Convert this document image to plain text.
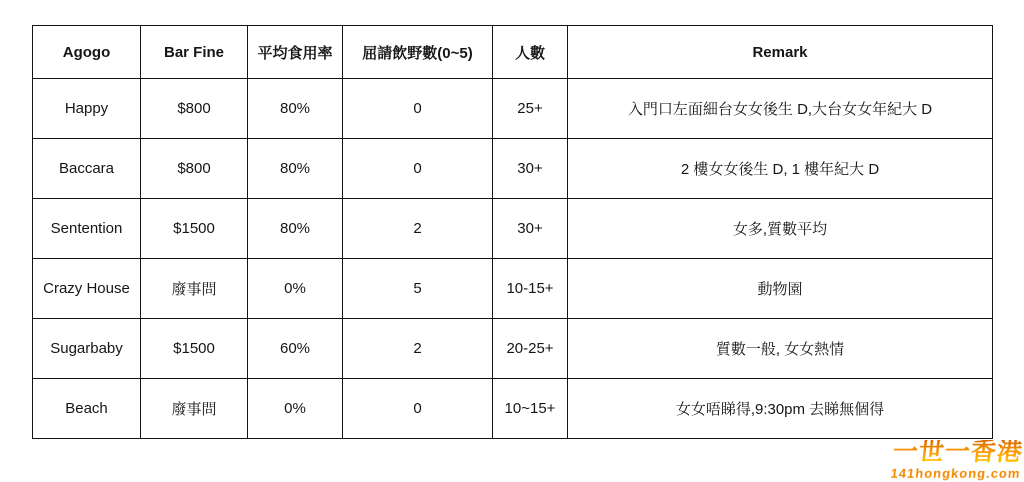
Agogo	Bar Fine	平均食用率	屈請飲野數(0~5)	人數	Remark
Happy	$800	80%	0	25+	入門口左面細台女女後生 D,大台女女年紀大 D
Baccara	$800	80%	0	30+	2 樓女女後生 D, 1 樓年紀大 D
Sentention	$1500	80%	2	30+	女多,質數平均
Crazy House	廢事問	0%	5	10-15+	動物園
Sugarbaby	$1500	60%	2	20-25+	質數一般, 女女熱情
Beach	廢事問	0%	0	10~15+	女女唔睇得,9:30pm 去睇無個得
一世一香港
141hongkong.com
